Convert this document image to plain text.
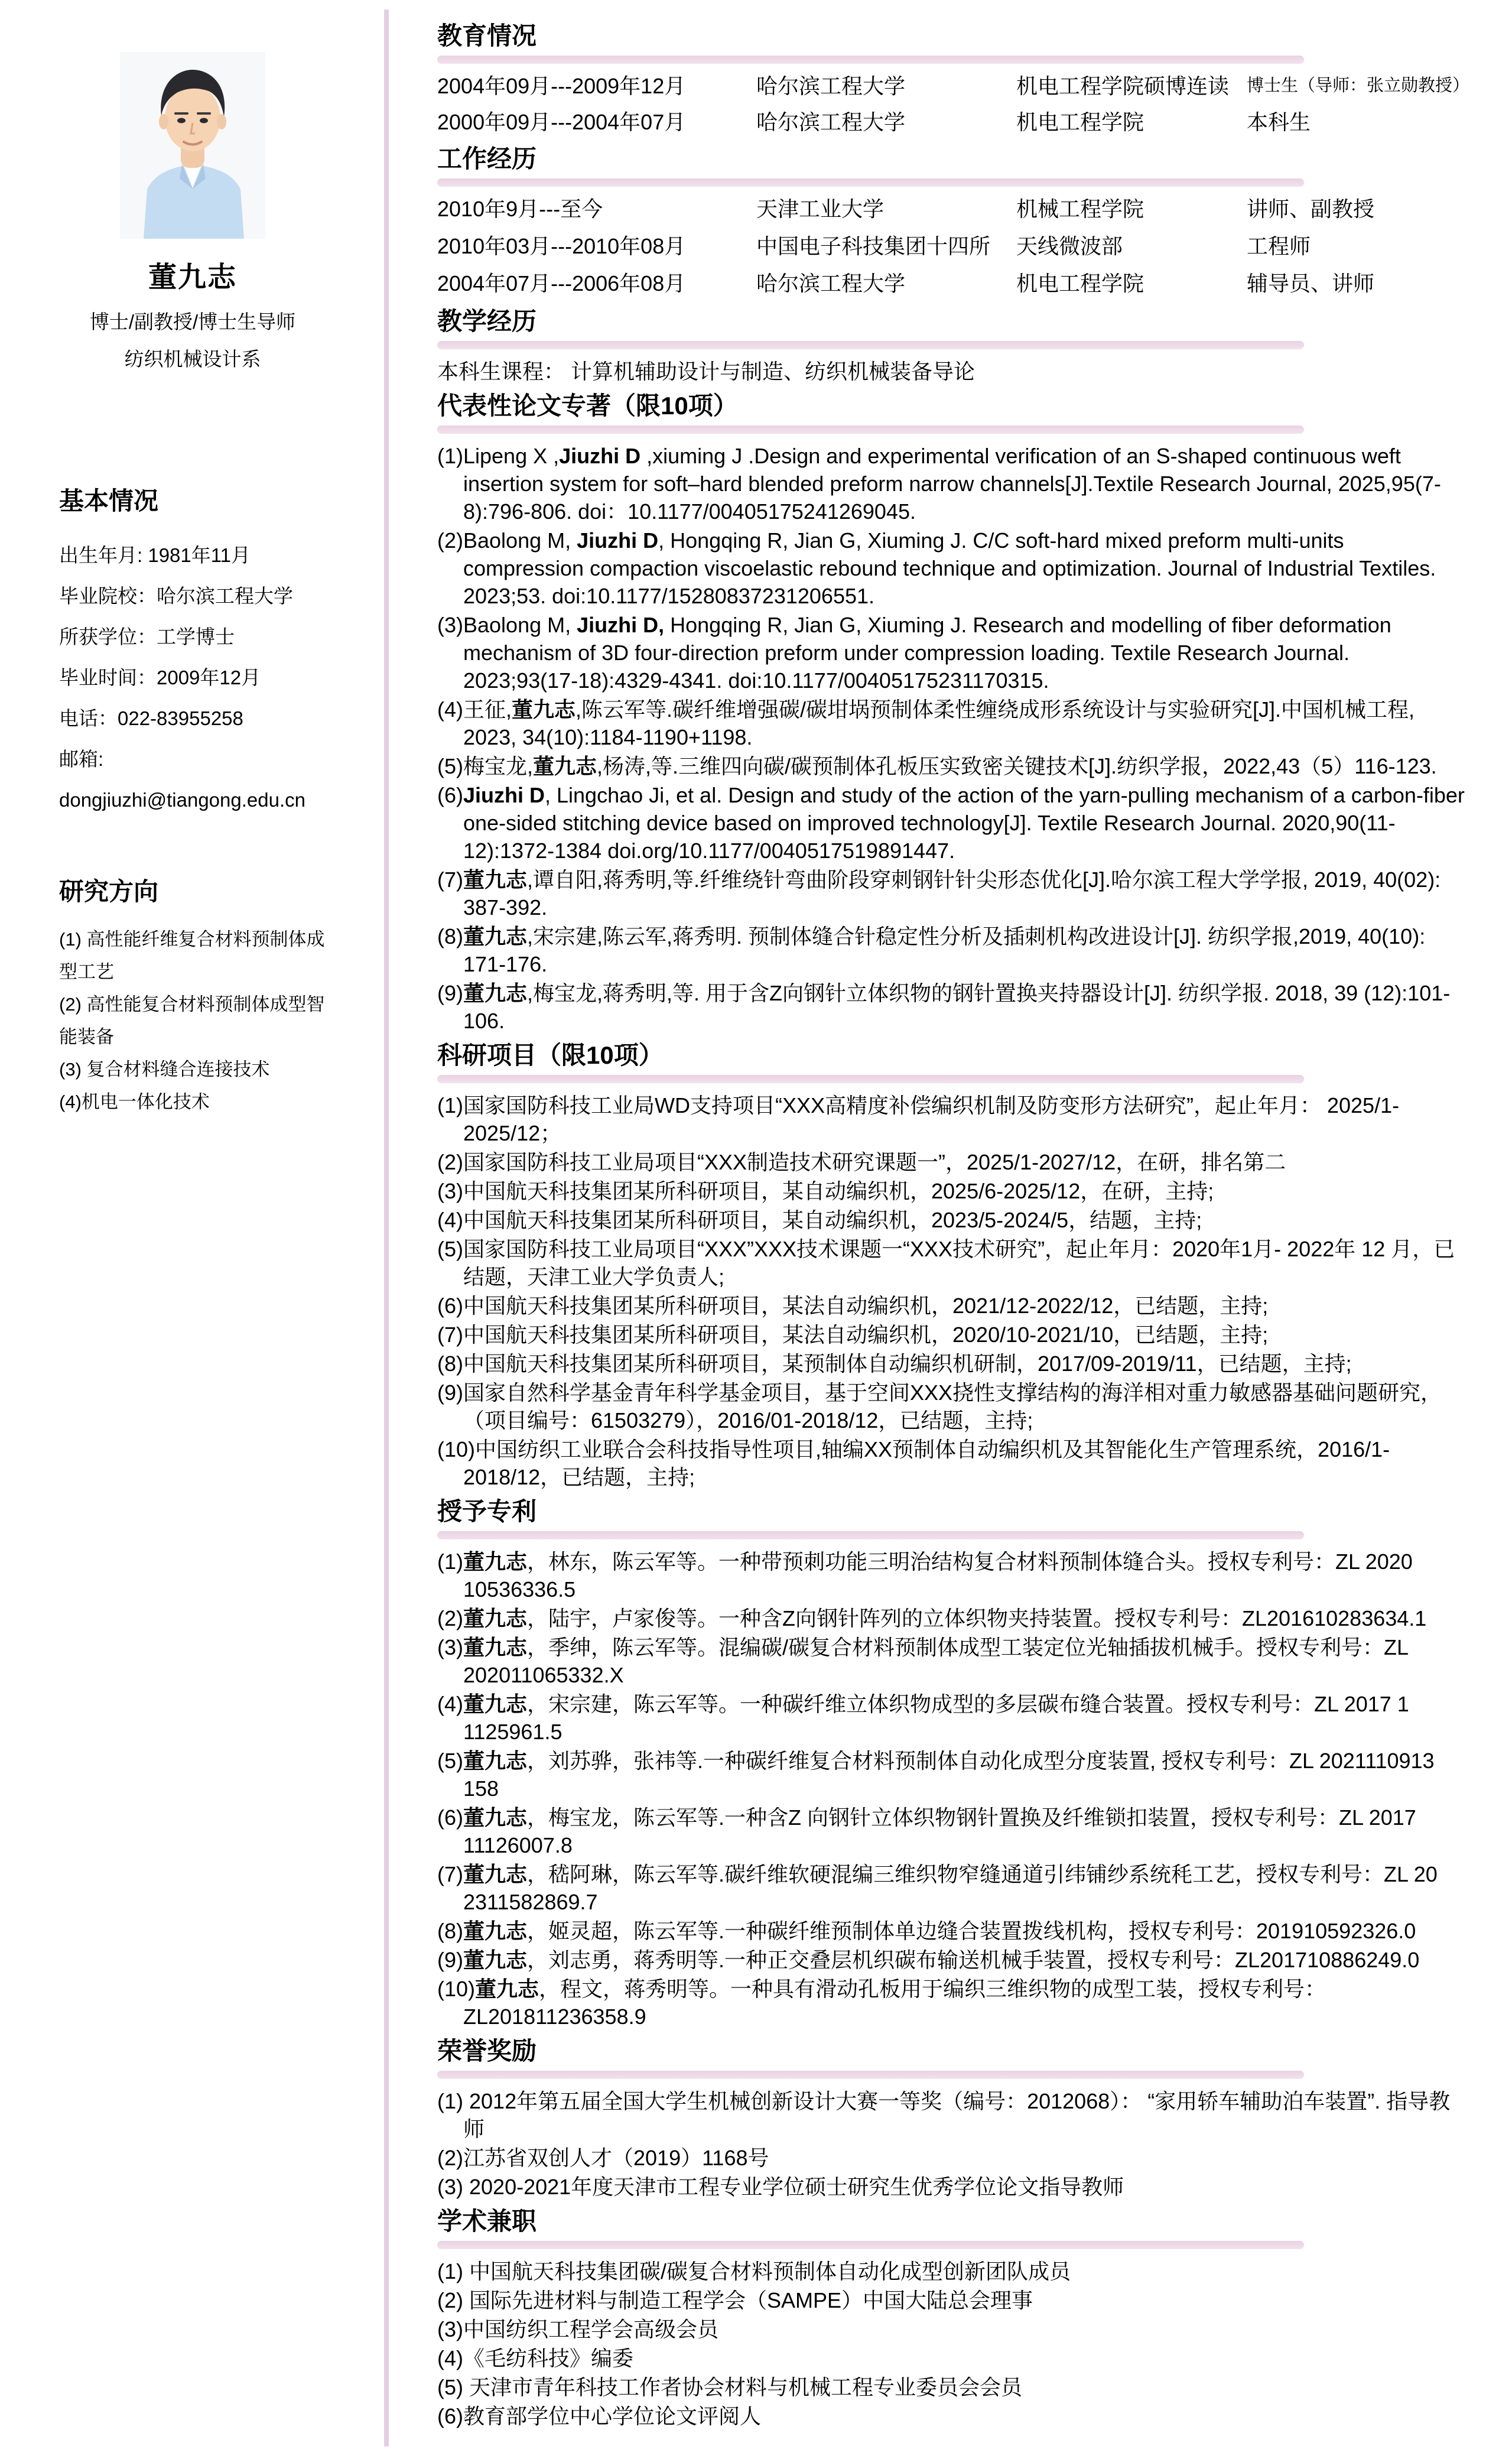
董九志
博士/副教授/博士生导师
纺织机械设计系
基本情况
出生年月: 1981年11月
毕业院校：哈尔滨工程大学
所获学位：工学博士
毕业时间：2009年12月
电话：022-83955258
邮箱:
dongjiuzhi@tiangong.edu.cn
研究方向
(1) 高性能纤维复合材料预制体成型工艺
(2) 高性能复合材料预制体成型智能装备
(3) 复合材料缝合连接技术
(4)机电一体化技术
教育情况
2004年09月---2009年12月	哈尔滨工程大学	机电工程学院硕博连读	博士生（导师：张立勋教授）
2000年09月---2004年07月	哈尔滨工程大学	机电工程学院	本科生
工作经历
2010年9月---至今	天津工业大学	机械工程学院	讲师、副教授
2010年03月---2010年08月	中国电子科技集团十四所	天线微波部	工程师
2004年07月---2006年08月	哈尔滨工程大学	机电工程学院	辅导员、讲师
教学经历
本科生课程： 计算机辅助设计与制造、纺织机械装备导论
代表性论文专著（限10项）
(1)Lipeng X ,Jiuzhi D ,xiuming J .Design and experimental verification of an S-shaped continuous weft insertion system for soft–hard blended preform narrow channels[J].Textile Research Journal, 2025,95(7-8):796-806. doi：10.1177/00405175241269045.
(2)Baolong M, Jiuzhi D, Hongqing R, Jian G, Xiuming J. C/C soft-hard mixed preform multi-units compression compaction viscoelastic rebound technique and optimization. Journal of Industrial Textiles. 2023;53. doi:10.1177/15280837231206551.
(3)Baolong M, Jiuzhi D, Hongqing R, Jian G, Xiuming J. Research and modelling of fiber deformation mechanism of 3D four-direction preform under compression loading. Textile Research Journal. 2023;93(17-18):4329-4341. doi:10.1177/00405175231170315.
(4)王征,董九志,陈云军等.碳纤维增强碳/碳坩埚预制体柔性缠绕成形系统设计与实验研究[J].中国机械工程, 2023, 34(10):1184-1190+1198.
(5)梅宝龙,董九志,杨涛,等.三维四向碳/碳预制体孔板压实致密关键技术[J].纺织学报，2022,43（5）116-123.
(6)Jiuzhi D, Lingchao Ji, et al. Design and study of the action of the yarn-pulling mechanism of a carbon-fiber one-sided stitching device based on improved technology[J]. Textile Research Journal. 2020,90(11-12):1372-1384 doi.org/10.1177/0040517519891447.
(7)董九志,谭自阳,蒋秀明,等.纤维绕针弯曲阶段穿刺钢针针尖形态优化[J].哈尔滨工程大学学报, 2019, 40(02): 387-392.
(8)董九志,宋宗建,陈云军,蒋秀明. 预制体缝合针稳定性分析及插刺机构改进设计[J]. 纺织学报,2019, 40(10): 171-176.
(9)董九志,梅宝龙,蒋秀明,等. 用于含Z向钢针立体织物的钢针置换夹持器设计[J]. 纺织学报. 2018, 39 (12):101-106.
科研项目（限10项）
(1)国家国防科技工业局WD支持项目“XXX高精度补偿编织机制及防变形方法研究”，起止年月： 2025/1-2025/12；
(2)国家国防科技工业局项目“XXX制造技术研究课题一”，2025/1-2027/12，在研，排名第二
(3)中国航天科技集团某所科研项目，某自动编织机，2025/6-2025/12，在研，主持;
(4)中国航天科技集团某所科研项目，某自动编织机，2023/5-2024/5，结题，主持;
(5)国家国防科技工业局项目“XXX”XXX技术课题一“XXX技术研究”，起止年月：2020年1月- 2022年 12 月，已结题，天津工业大学负责人;
(6)中国航天科技集团某所科研项目，某法自动编织机，2021/12-2022/12，已结题，主持;
(7)中国航天科技集团某所科研项目，某法自动编织机，2020/10-2021/10，已结题，主持;
(8)中国航天科技集团某所科研项目，某预制体自动编织机研制，2017/09-2019/11，已结题，主持;
(9)国家自然科学基金青年科学基金项目，基于空间XXX挠性支撑结构的海洋相对重力敏感器基础问题研究，（项目编号：61503279），2016/01-2018/12，已结题，主持;
(10)中国纺织工业联合会科技指导性项目,轴编XX预制体自动编织机及其智能化生产管理系统，2016/1-2018/12，已结题，主持;
授予专利
(1)董九志，林东，陈云军等。一种带预刺功能三明治结构复合材料预制体缝合头。授权专利号：ZL 2020 10536336.5
(2)董九志，陆宇，卢家俊等。一种含Z向钢针阵列的立体织物夹持装置。授权专利号：ZL201610283634.1
(3)董九志，季绅，陈云军等。混编碳/碳复合材料预制体成型工装定位光轴插拔机械手。授权专利号：ZL 202011065332.X
(4)董九志，宋宗建，陈云军等。一种碳纤维立体织物成型的多层碳布缝合装置。授权专利号：ZL 2017 1 1125961.5
(5)董九志，刘苏骅，张祎等.一种碳纤维复合材料预制体自动化成型分度装置, 授权专利号：ZL 2021110913 158
(6)董九志，梅宝龙，陈云军等.一种含Z 向钢针立体织物钢针置换及纤维锁扣装置，授权专利号：ZL 2017 11126007.8
(7)董九志，嵇阿琳，陈云军等.碳纤维软硬混编三维织物窄缝通道引纬铺纱系统秏工艺，授权专利号：ZL 20 2311582869.7
(8)董九志，姬灵超，陈云军等.一种碳纤维预制体单边缝合装置拨线机构，授权专利号：201910592326.0
(9)董九志，刘志勇，蒋秀明等.一种正交叠层机织碳布输送机械手装置，授权专利号：ZL201710886249.0
(10)董九志，程文，蒋秀明等。一种具有滑动孔板用于编织三维织物的成型工装，授权专利号：ZL201811236358.9
荣誉奖励
(1) 2012年第五届全国大学生机械创新设计大赛一等奖（编号：2012068）： “家用轿车辅助泊车装置”. 指导教师
(2)江苏省双创人才（2019）1168号
(3) 2020-2021年度天津市工程专业学位硕士研究生优秀学位论文指导教师
学术兼职
(1) 中国航天科技集团碳/碳复合材料预制体自动化成型创新团队成员
(2) 国际先进材料与制造工程学会（SAMPE）中国大陆总会理事
(3)中国纺织工程学会高级会员
(4)《毛纺科技》编委
(5) 天津市青年科技工作者协会材料与机械工程专业委员会会员
(6)教育部学位中心学位论文评阅人
